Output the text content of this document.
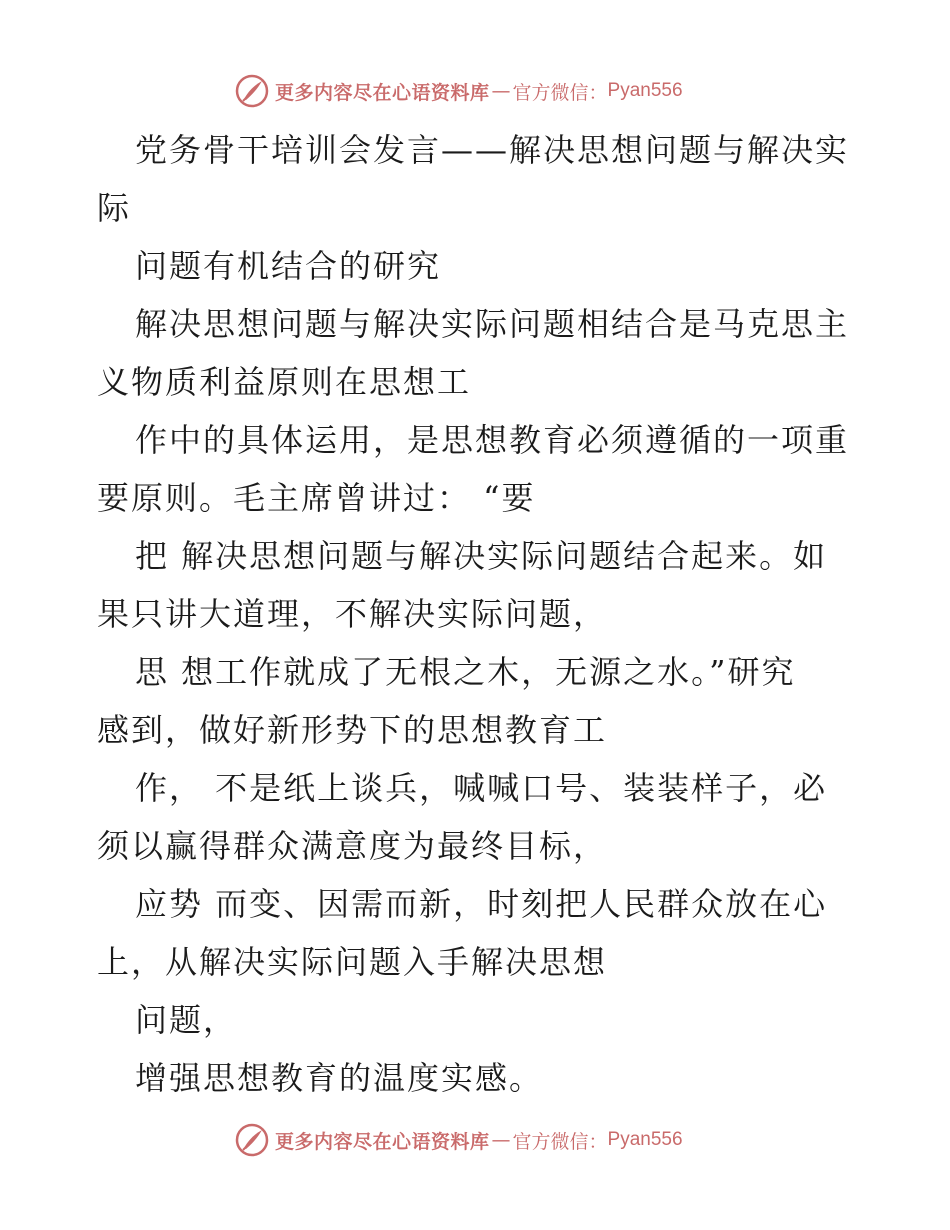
更多内容尽在心语资料库 — 官方微信： Pyan556
党务骨干培训会发言——解决思想问题与解决实
际
问题有机结合的研究
解决思想问题与解决实际问题相结合是马克思主
义物质利益原则在思想工
作中的具体运用，是思想教育必须遵循的一项重
要原则。毛主席曾讲过： “要
把 解决思想问题与解决实际问题结合起来。如
果只讲大道理，不解决实际问题，
思 想工作就成了无根之木，无源之水。”研究
感到，做好新形势下的思想教育工
作， 不是纸上谈兵，喊喊口号、装装样子，必
须以赢得群众满意度为最终目标，
应势 而变、因需而新，时刻把人民群众放在心
上，从解决实际问题入手解决思想
问题，
增强思想教育的温度实感。
更多内容尽在心语资料库 — 官方微信： Pyan556
